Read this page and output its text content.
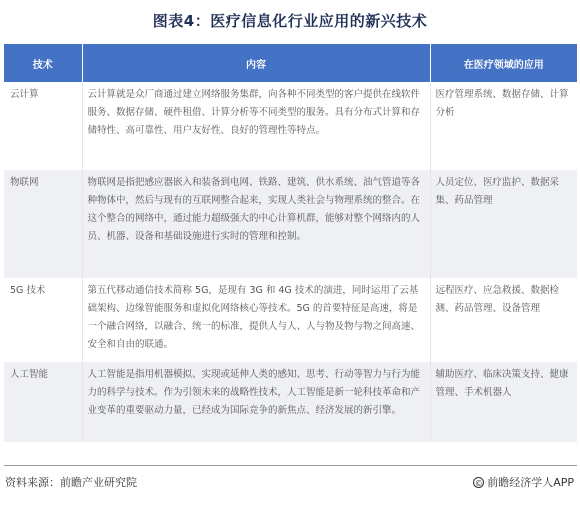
图表4：医疗信息化行业应用的新兴技术
技术	内容	在医疗领域的应用
云计算	云计算就是众厂商通过建立网络服务集群，向各种不同类型的客户提供在线软件服务、数据存储、硬件租借、计算分析等不同类型的服务。具有分布式计算和存储特性、高可靠性、用户友好性、良好的管理性等特点。	医疗管理系统、数据存储、计算分析
物联网	物联网是指把感应器嵌入和装备到电网、铁路、建筑、供水系统、油气管道等各种物体中，然后与现有的互联网整合起来，实现人类社会与物理系统的整合。在这个整合的网络中，通过能力超级强大的中心计算机群，能够对整个网络内的人员、机器、设备和基础设施进行实时的管理和控制。	人员定位、医疗监护、数据采集、药品管理
5G 技术	第五代移动通信技术简称 5G，是现有 3G 和 4G 技术的演进，同时运用了云基础架构、边缘智能服务和虚拟化网络核心等技术。5G 的首要特征是高速，将是一个融合网络，以融合、统一的标准，提供人与人、人与物及物与物之间高速、安全和自由的联通。	远程医疗、应急救援、数据检测、药品管理、设备管理
人工智能	人工智能是指用机器模拟、实现或延伸人类的感知、思考、行动等智力与行为能力的科学与技术。作为引领未来的战略性技术，人工智能是新一轮科技革命和产业变革的重要驱动力量，已经成为国际竞争的新焦点、经济发展的新引擎。	辅助医疗、临床决策支持、健康管理、手术机器人
资料来源：前瞻产业研究院	© 前瞻经济学人APP
